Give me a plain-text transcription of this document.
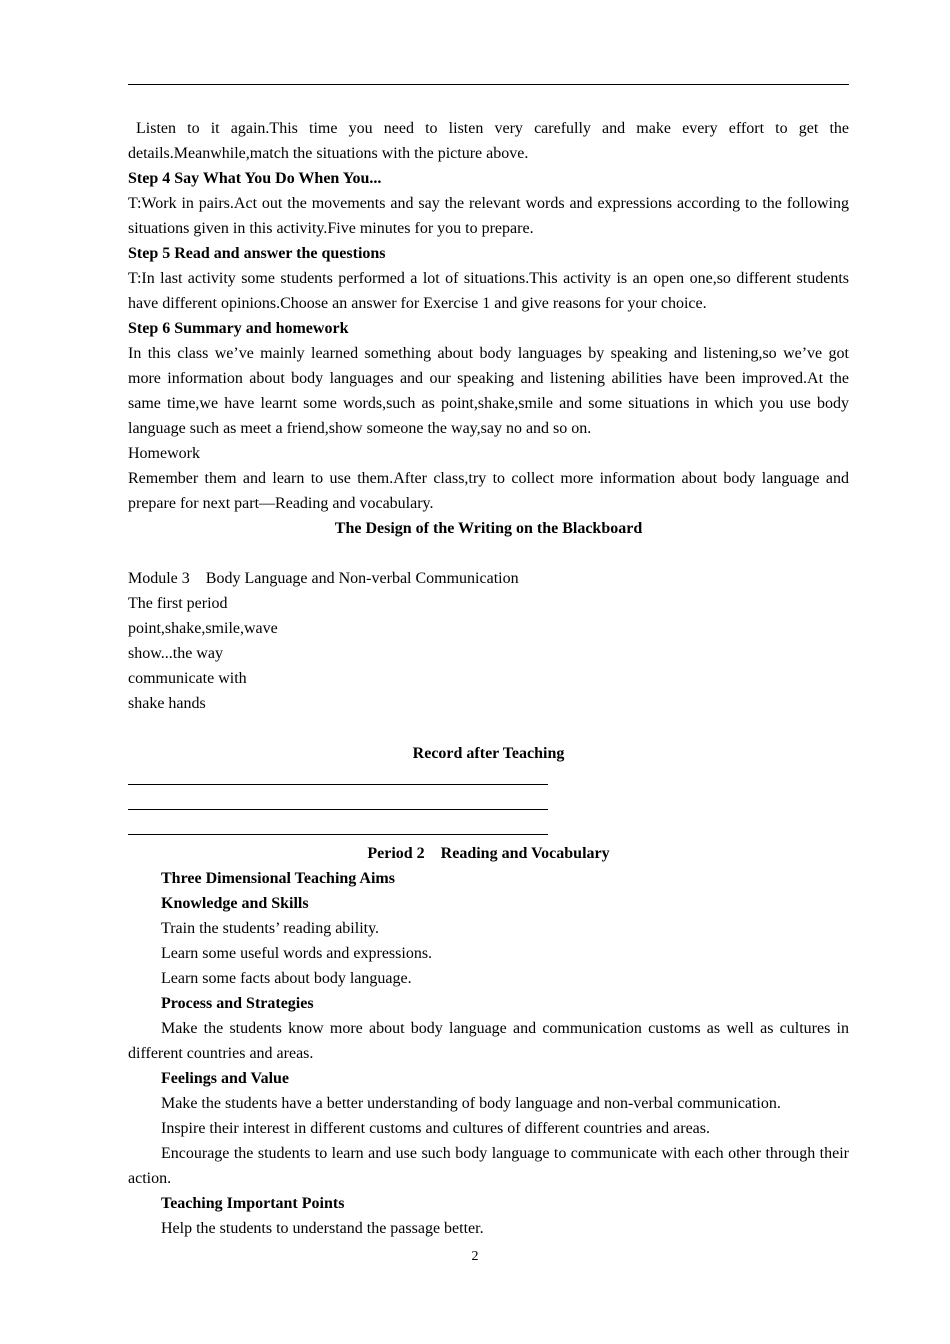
Listen to it again.This time you need to listen very carefully and make every effort to get the details.Meanwhile,match the situations with the picture above.

Step 4 Say What You Do When You...

T:Work in pairs.Act out the movements and say the relevant words and expressions according to the following situations given in this activity.Five minutes for you to prepare.

Step 5 Read and answer the questions

T:In last activity some students performed a lot of situations.This activity is an open one,so different students have different opinions.Choose an answer for Exercise 1 and give reasons for your choice.

Step 6 Summary and homework

In this class we’ve mainly learned something about body languages by speaking and listening,so we’ve got more information about body languages and our speaking and listening abilities have been improved.At the same time,we have learnt some words,such as point,shake,smile and some situations in which you use body language such as meet a friend,show someone the way,say no and so on.

Homework

Remember them and learn to use them.After class,try to collect more information about body language and prepare for next part—Reading and vocabulary.

The Design of the Writing on the Blackboard

Module 3　Body Language and Non-verbal Communication

The first period

point,shake,smile,wave

show...the way

communicate with

shake hands

Record after Teaching

Period 2　Reading and Vocabulary

Three Dimensional Teaching Aims

Knowledge and Skills

Train the students’ reading ability.

Learn some useful words and expressions.

Learn some facts about body language.

Process and Strategies

Make the students know more about body language and communication customs as well as cultures in different countries and areas.

Feelings and Value

Make the students have a better understanding of body language and non-verbal communication.

Inspire their interest in different customs and cultures of different countries and areas.

Encourage the students to learn and use such body language to communicate with each other through their action.

Teaching Important Points

Help the students to understand the passage better.

2
